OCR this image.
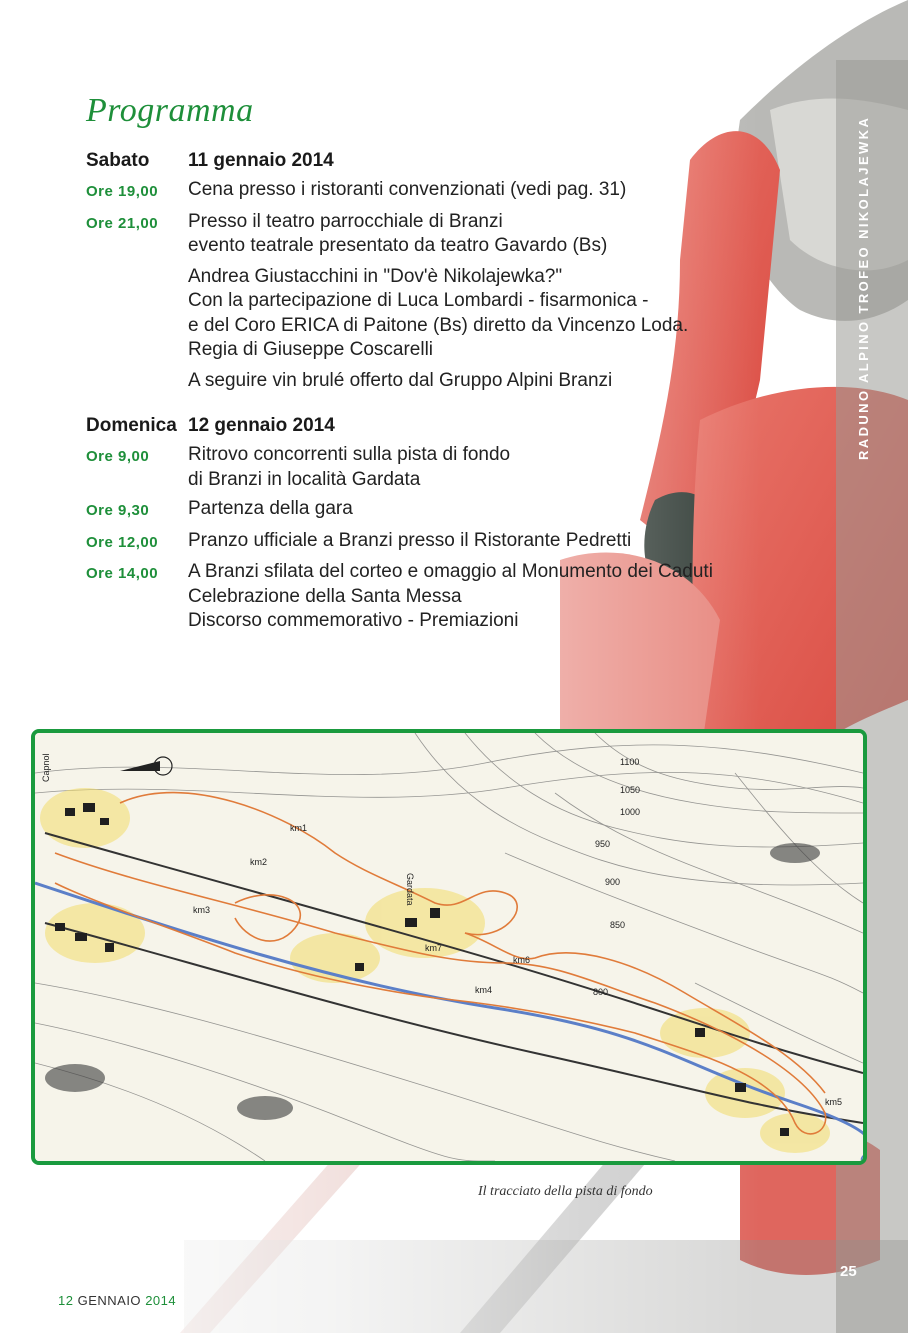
RADUNO ALPINO TROFEO NIKOLAJEWKA
Programma
Sabato 11 gennaio 2014
Ore 19,00	Cena presso i ristoranti convenzionati (vedi pag. 31)
Ore 21,00	Presso il teatro parrocchiale di Branzi
evento teatrale presentato da teatro Gavardo (Bs)
Andrea Giustacchini in "Dov'è Nikolajewka?"
Con la partecipazione di Luca Lombardi - fisarmonica -
e del Coro ERICA di Paitone (Bs) diretto da Vincenzo Loda.
Regia di Giuseppe Coscarelli
A seguire vin brulé offerto dal Gruppo Alpini Branzi
Domenica 12 gennaio 2014
Ore 9,00	Ritrovo concorrenti sulla pista di fondo
di Branzi in località Gardata
Ore 9,30	Partenza della gara
Ore 12,00	Pranzo ufficiale a Branzi presso il Ristorante Pedretti
Ore 14,00	A Branzi sfilata del corteo e omaggio al Monumento dei Caduti
Celebrazione della Santa Messa
Discorso commemorativo - Premiazioni
Capnol
Gardata
km1
km2
km3
km4
km5
km6
km7
1100
1050
1000
950
900
850
800
Il tracciato della pista di fondo
25
12 GENNAIO 2014
